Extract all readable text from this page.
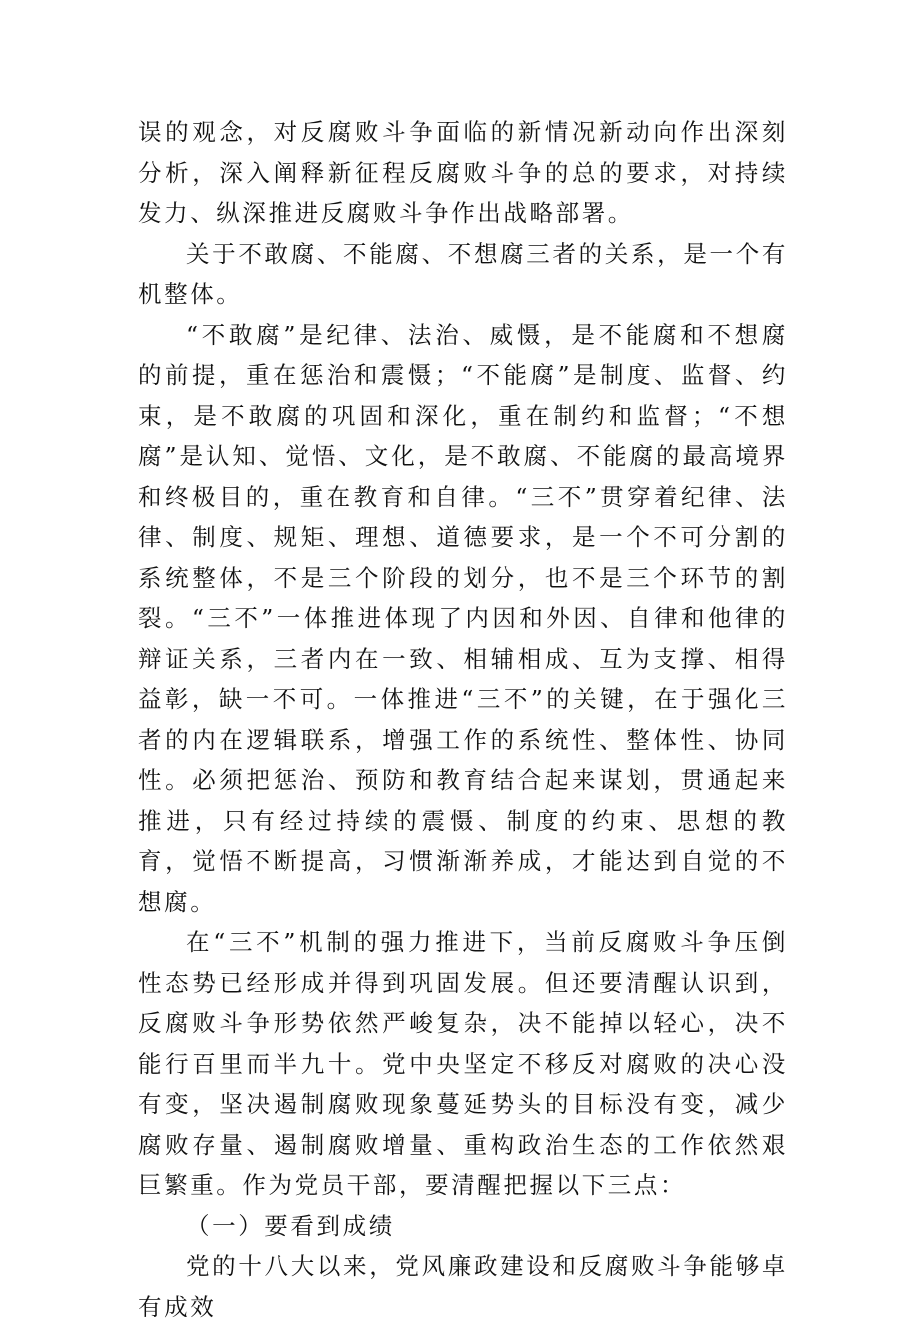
误的观念，对反腐败斗争面临的新情况新动向作出深刻分析，深入阐释新征程反腐败斗争的总的要求，对持续发力、纵深推进反腐败斗争作出战略部署。

关于不敢腐、不能腐、不想腐三者的关系，是一个有机整体。

“不敢腐”是纪律、法治、威慑，是不能腐和不想腐的前提，重在惩治和震慑；“不能腐”是制度、监督、约束，是不敢腐的巩固和深化，重在制约和监督；“不想腐”是认知、觉悟、文化，是不敢腐、不能腐的最高境界和终极目的，重在教育和自律。“三不”贯穿着纪律、法律、制度、规矩、理想、道德要求，是一个不可分割的系统整体，不是三个阶段的划分，也不是三个环节的割裂。“三不”一体推进体现了内因和外因、自律和他律的辩证关系，三者内在一致、相辅相成、互为支撑、相得益彰，缺一不可。一体推进“三不”的关键，在于强化三者的内在逻辑联系，增强工作的系统性、整体性、协同性。必须把惩治、预防和教育结合起来谋划，贯通起来推进，只有经过持续的震慑、制度的约束、思想的教育，觉悟不断提高，习惯渐渐养成，才能达到自觉的不想腐。

在“三不”机制的强力推进下，当前反腐败斗争压倒性态势已经形成并得到巩固发展。但还要清醒认识到，反腐败斗争形势依然严峻复杂，决不能掉以轻心，决不能行百里而半九十。党中央坚定不移反对腐败的决心没有变，坚决遏制腐败现象蔓延势头的目标没有变，减少腐败存量、遏制腐败增量、重构政治生态的工作依然艰巨繁重。作为党员干部，要清醒把握以下三点：

（一）要看到成绩

党的十八大以来，党风廉政建设和反腐败斗争能够卓有成效
